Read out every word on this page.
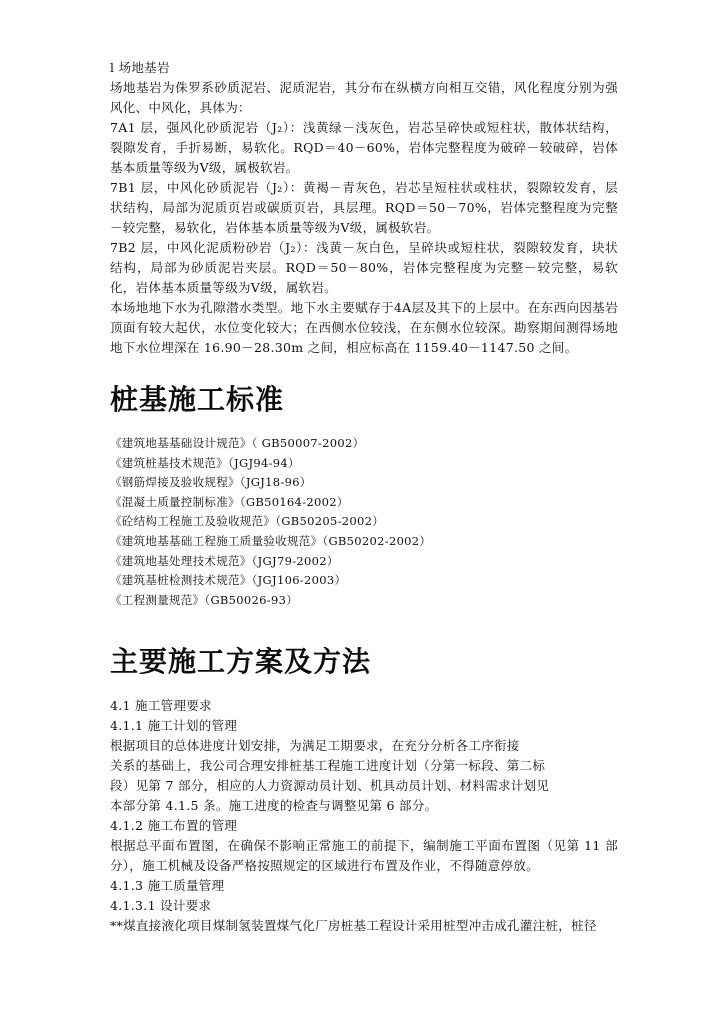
l 场地基岩

场地基岩为侏罗系砂质泥岩、泥质泥岩，其分布在纵横方向相互交错，风化程度分别为强风化、中风化，具体为：

7A1 层，强风化砂质泥岩（J₂）：浅黄绿－浅灰色，岩芯呈碎快或短柱状，散体状结构，裂隙发育，手折易断，易软化。RQD＝40－60%，岩体完整程度为破碎－较破碎，岩体基本质量等级为Ⅴ级，属极软岩。

7B1 层，中风化砂质泥岩（J₂）：黄褐－青灰色，岩芯呈短柱状或柱状，裂隙较发育，层状结构，局部为泥质页岩或碳质页岩，具层理。RQD＝50－70%，岩体完整程度为完整－较完整，易软化，岩体基本质量等级为Ⅴ级，属极软岩。

7B2 层，中风化泥质粉砂岩（J₂）：浅黄－灰白色，呈碎块或短柱状，裂隙较发育，块状结构，局部为砂质泥岩夹层。RQD＝50－80%，岩体完整程度为完整－较完整，易软化，岩体基本质量等级为Ⅴ级，属软岩。

本场地地下水为孔隙潜水类型。地下水主要赋存于4A层及其下的上层中。在东西向因基岩顶面有较大起伏，水位变化较大；在西侧水位较浅，在东侧水位较深。勘察期间测得场地地下水位埋深在 16.90－28.30m 之间，相应标高在 1159.40－1147.50 之间。

桩基施工标准
《建筑地基基础设计规范》（ GB50007-2002）
《建筑桩基技术规范》（JGJ94-94）
《钢筋焊接及验收规程》（JGJ18-96）
《混凝土质量控制标准》（GB50164-2002）
《砼结构工程施工及验收规范》（GB50205-2002）
《建筑地基基础工程施工质量验收规范》（GB50202-2002）
《建筑地基处理技术规范》（JGJ79-2002）
《建筑基桩检测技术规范》（JGJ106-2003）
《工程测量规范》（GB50026-93）
主要施工方案及方法

4.1 施工管理要求

4.1.1 施工计划的管理

根据项目的总体进度计划安排，为满足工期要求，在充分分析各工序衔接

关系的基础上，我公司合理安排桩基工程施工进度计划（分第一标段、第二标

段）见第 7 部分，相应的人力资源动员计划、机具动员计划、材料需求计划见

本部分第 4.1.5 条。施工进度的检查与调整见第 6 部分。

4.1.2 施工布置的管理

根据总平面布置图，在确保不影响正常施工的前提下，编制施工平面布置图（见第 11 部分），施工机械及设备严格按照规定的区域进行布置及作业，不得随意停放。

4.1.3 施工质量管理

4.1.3.1 设计要求

**煤直接液化项目煤制氢装置煤气化厂房桩基工程设计采用桩型冲击成孔灌注桩，桩径
